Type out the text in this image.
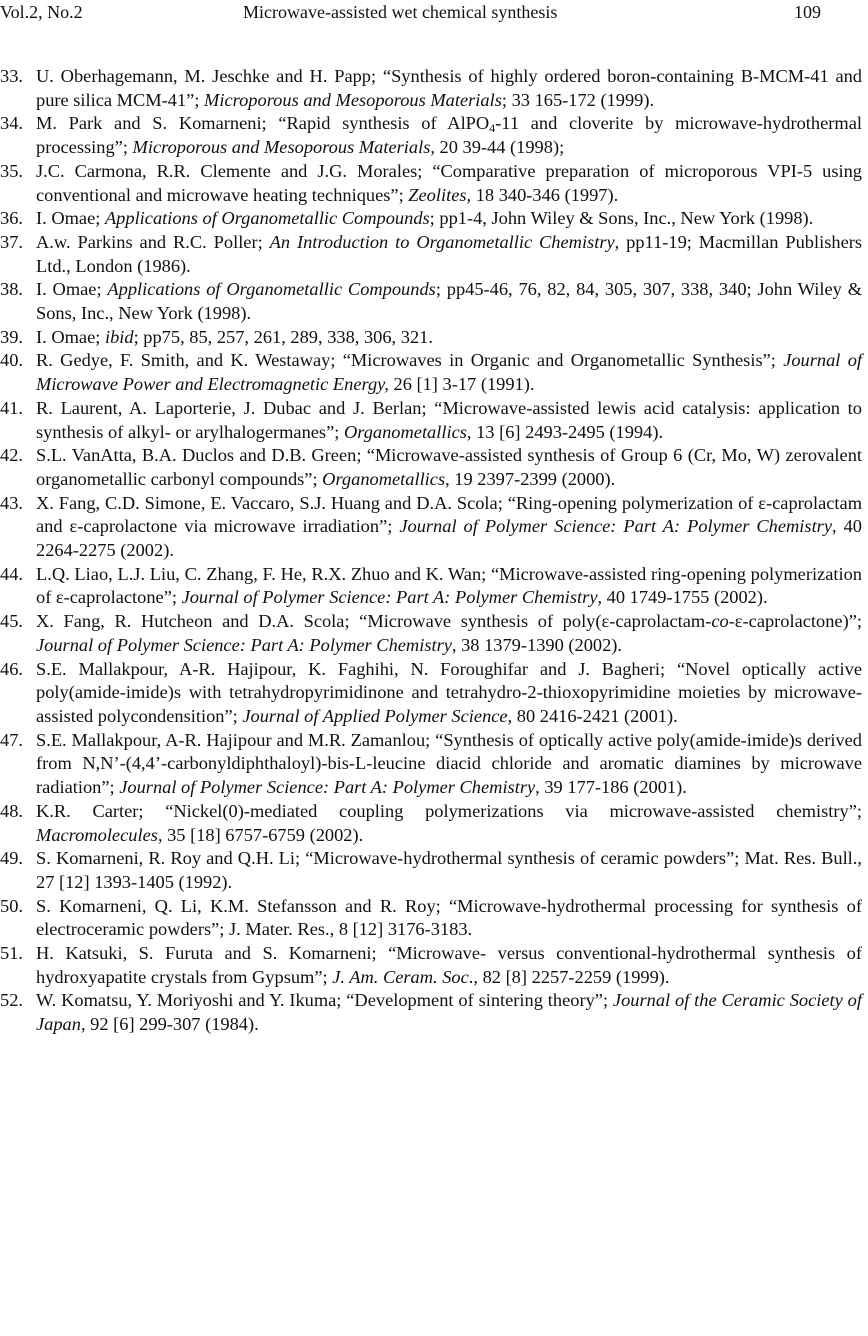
Vol.2, No.2	Microwave-assisted wet chemical synthesis	109

33. U. Oberhagemann, M. Jeschke and H. Papp; “Synthesis of highly ordered boron-containing B-MCM-41 and pure silica MCM-41”; Microporous and Mesoporous Materials; 33 165-172 (1999).

34. M. Park and S. Komarneni; “Rapid synthesis of AlPO$_4$-11 and cloverite by microwave-hydrothermal processing”; Microporous and Mesoporous Materials, 20 39-44 (1998);

35. J.C. Carmona, R.R. Clemente and J.G. Morales; “Comparative preparation of microporous VPI-5 using conventional and microwave heating techniques”; Zeolites, 18 340-346 (1997).

36. I. Omae; Applications of Organometallic Compounds; pp1-4, John Wiley & Sons, Inc., New York (1998).

37. A.w. Parkins and R.C. Poller; An Introduction to Organometallic Chemistry, pp11-19; Macmillan Publishers Ltd., London (1986).

38. I. Omae; Applications of Organometallic Compounds; pp45-46, 76, 82, 84, 305, 307, 338, 340; John Wiley & Sons, Inc., New York (1998).

39. I. Omae; ibid; pp75, 85, 257, 261, 289, 338, 306, 321.

40. R. Gedye, F. Smith, and K. Westaway; “Microwaves in Organic and Organometallic Synthesis”; Journal of Microwave Power and Electromagnetic Energy, 26 [1] 3-17 (1991).

41. R. Laurent, A. Laporterie, J. Dubac and J. Berlan; “Microwave-assisted lewis acid catalysis: application to synthesis of alkyl- or arylhalogermanes”; Organometallics, 13 [6] 2493-2495 (1994).

42. S.L. VanAtta, B.A. Duclos and D.B. Green; “Microwave-assisted synthesis of Group 6 (Cr, Mo, W) zerovalent organometallic carbonyl compounds”; Organometallics, 19 2397-2399 (2000).

43. X. Fang, C.D. Simone, E. Vaccaro, S.J. Huang and D.A. Scola; “Ring-opening polymerization of ε-caprolactam and ε-caprolactone via microwave irradiation”; Journal of Polymer Science: Part A: Polymer Chemistry, 40 2264-2275 (2002).

44. L.Q. Liao, L.J. Liu, C. Zhang, F. He, R.X. Zhuo and K. Wan; “Microwave-assisted ring-opening polymerization of ε-caprolactone”; Journal of Polymer Science: Part A: Polymer Chemistry, 40 1749-1755 (2002).

45. X. Fang, R. Hutcheon and D.A. Scola; “Microwave synthesis of poly(ε-caprolactam-co-ε-caprolactone)”; Journal of Polymer Science: Part A: Polymer Chemistry, 38 1379-1390 (2002).

46. S.E. Mallakpour, A-R. Hajipour, K. Faghihi, N. Foroughifar and J. Bagheri; “Novel optically active poly(amide-imide)s with tetrahydropyrimidinone and tetrahydro-2-thioxopyrimidine moieties by microwave-assisted polycondensition”; Journal of Applied Polymer Science, 80 2416-2421 (2001).

47. S.E. Mallakpour, A-R. Hajipour and M.R. Zamanlou; “Synthesis of optically active poly(amide-imide)s derived from N,N’-(4,4’-carbonyldiphthaloyl)-bis-L-leucine diacid chloride and aromatic diamines by microwave radiation”; Journal of Polymer Science: Part A: Polymer Chemistry, 39 177-186 (2001).

48. K.R. Carter; “Nickel(0)-mediated coupling polymerizations via microwave-assisted chemistry”; Macromolecules, 35 [18] 6757-6759 (2002).

49. S. Komarneni, R. Roy and Q.H. Li; “Microwave-hydrothermal synthesis of ceramic powders”; Mat. Res. Bull., 27 [12] 1393-1405 (1992).

50. S. Komarneni, Q. Li, K.M. Stefansson and R. Roy; “Microwave-hydrothermal processing for synthesis of electroceramic powders”; J. Mater. Res., 8 [12] 3176-3183.

51. H. Katsuki, S. Furuta and S. Komarneni; “Microwave- versus conventional-hydrothermal synthesis of hydroxyapatite crystals from Gypsum”; J. Am. Ceram. Soc., 82 [8] 2257-2259 (1999).

52. W. Komatsu, Y. Moriyoshi and Y. Ikuma; “Development of sintering theory”; Journal of the Ceramic Society of Japan, 92 [6] 299-307 (1984).
